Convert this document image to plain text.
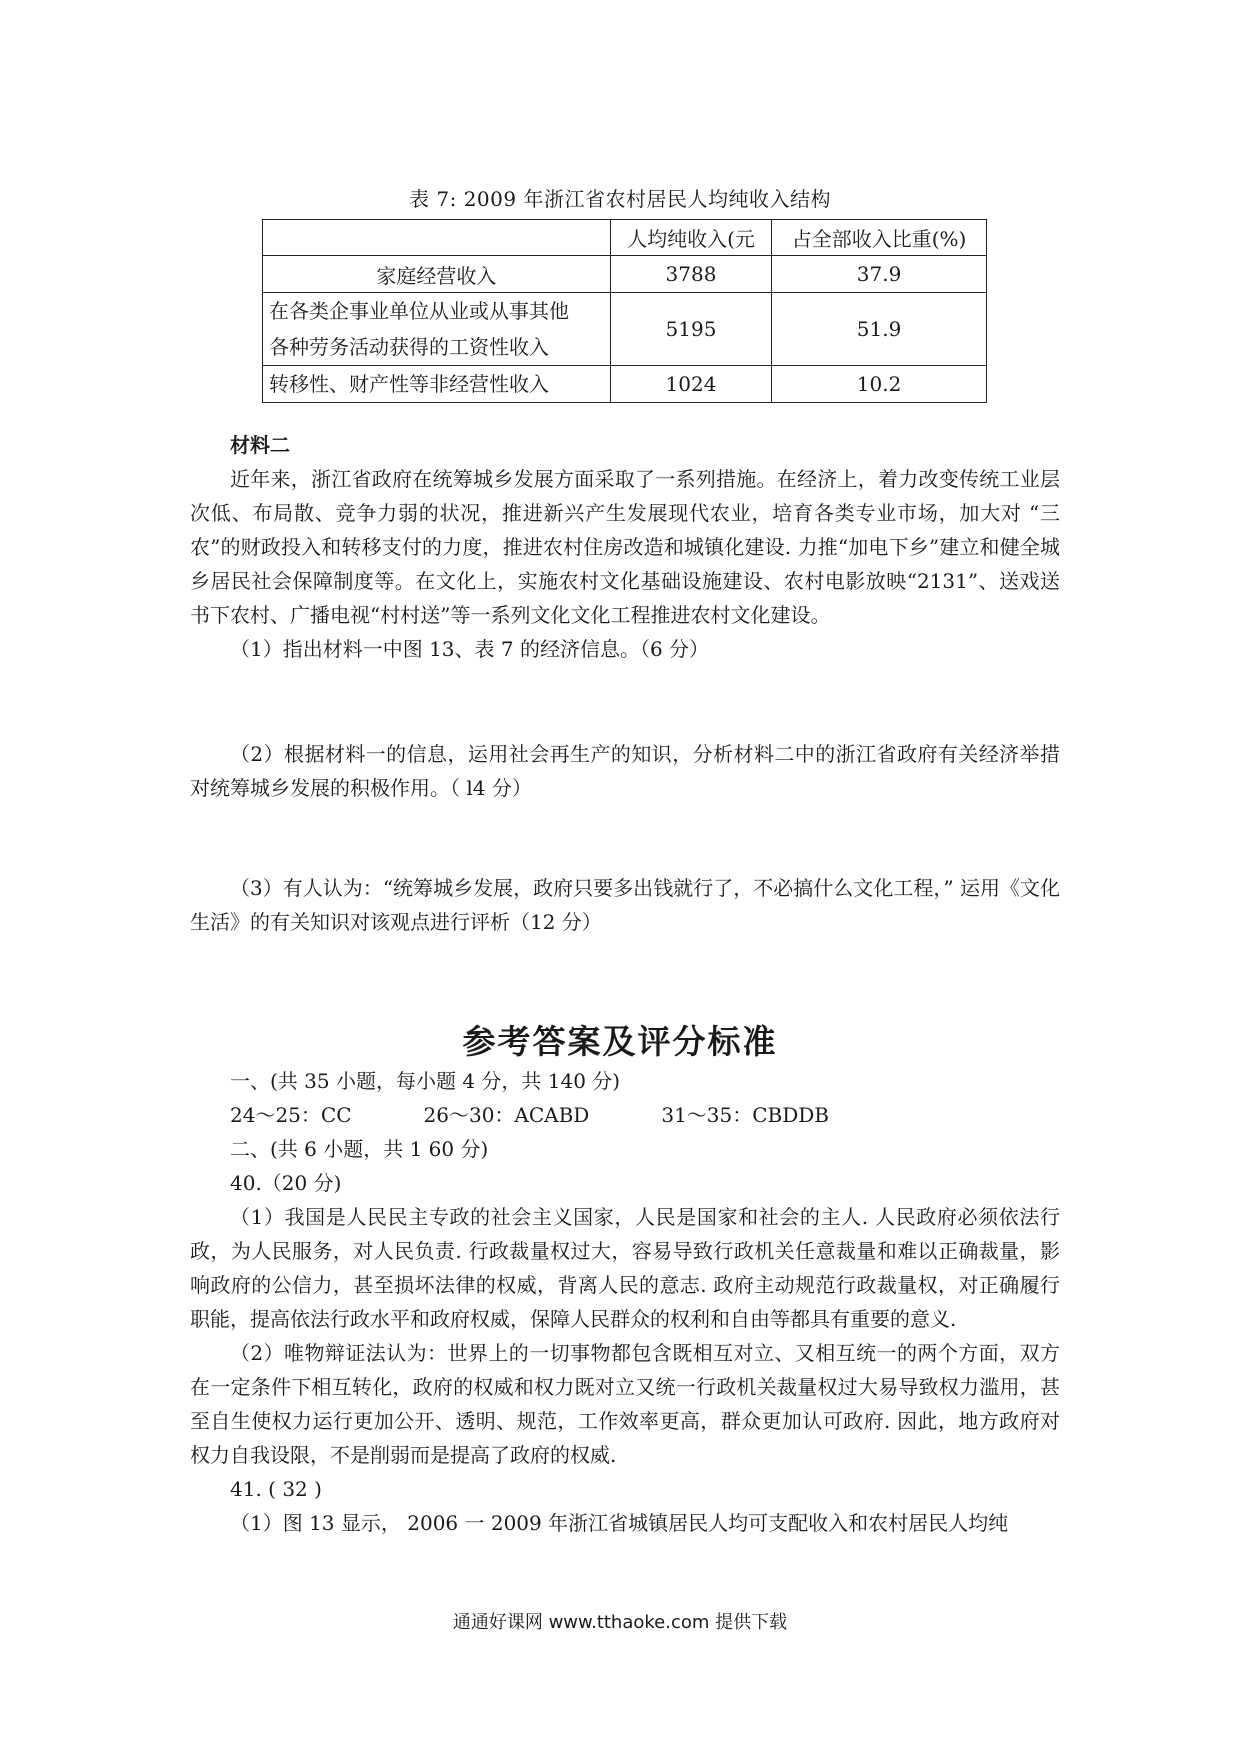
表 7: 2009 年浙江省农村居民人均纯收入结构
	人均纯收入(元	占全部收入比重(%)
家庭经营收入	3788	37.9

在各类企事业单位从业或从事其他
各种劳务活动获得的工资性收入	5195	51.9
转移性、财产性等非经营性收入	1024	10.2

材料二

近年来，浙江省政府在统筹城乡发展方面采取了一系列措施。在经济上，着力改变传统工业层次低、布局散、竞争力弱的状况，推进新兴产生发展现代农业，培育各类专业市场，加大对 “三农”的财政投入和转移支付的力度，推进农村住房改造和城镇化建设. 力推“加电下乡”建立和健全城乡居民社会保障制度等。在文化上，实施农村文化基础设施建设、农村电影放映“2131”、送戏送书下农村、广播电视“村村送”等一系列文化文化工程推进农村文化建设。

（1）指出材料一中图 13、表 7 的经济信息。（6 分）

（2）根据材料一的信息，运用社会再生产的知识，分析材料二中的浙江省政府有关经济举措对统筹城乡发展的积极作用。（ l4 分）

（3）有人认为：“统筹城乡发展，政府只要多出钱就行了，不必搞什么文化工程，” 运用《文化生活》的有关知识对该观点进行评析（12 分）

参考答案及评分标准

一、(共 35 小题，每小题 4 分，共 140 分)

24～25：CC	26～30：ACABD	31～35：CBDDB

二、(共 6 小题，共 1 60 分)

40.（20 分)

（1）我国是人民民主专政的社会主义国家，人民是国家和社会的主人. 人民政府必须依法行政，为人民服务，对人民负责. 行政裁量权过大，容易导致行政机关任意裁量和难以正确裁量，影响政府的公信力，甚至损坏法律的权威，背离人民的意志. 政府主动规范行政裁量权，对正确履行职能，提高依法行政水平和政府权威，保障人民群众的权利和自由等都具有重要的意义.

（2）唯物辩证法认为：世界上的一切事物都包含既相互对立、又相互统一的两个方面，双方在一定条件下相互转化，政府的权威和权力既对立又统一行政机关裁量权过大易导致权力滥用，甚至自生使权力运行更加公开、透明、规范，工作效率更高，群众更加认可政府. 因此，地方政府对权力自我设限，不是削弱而是提高了政府的权威.

41. ( 32 )

（1）图 13 显示， 2006 一 2009 年浙江省城镇居民人均可支配收入和农村居民人均纯

通通好课网 www.tthaoke.com 提供下载
